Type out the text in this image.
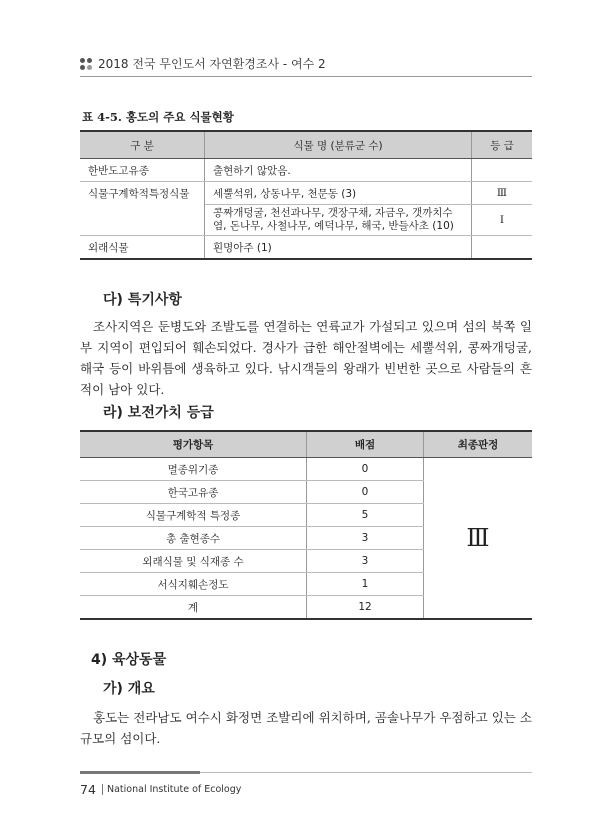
2018 전국 무인도서 자연환경조사 - 여수 2
표 4-5. 홍도의 주요 식물현황
구 분	식물 명 (분류군 수)	등 급
한반도고유종	출현하기 않았음.	
식물구계학적특정식물	세뿔석위, 상동나무, 천문동 (3)	Ⅲ
	콩짜개덩굴, 천선과나무, 갯장구채, 자금우, 갯까치수염, 돈나무, 사철나무, 예덕나무, 해국, 반들사초 (10)	Ⅰ
외래식물	흰명아주 (1)	
다) 특기사항
조사지역은 둔병도와 조발도를 연결하는 연륙교가 가설되고 있으며 섬의 북쪽 일부 지역이 편입되어 훼손되었다. 경사가 급한 해안절벽에는 세뿔석위, 콩짜개덩굴, 해국 등이 바위틈에 생육하고 있다. 낚시객들의 왕래가 빈번한 곳으로 사람들의 흔적이 남아 있다.
라) 보전가치 등급
평가항목	배점	최종판정
멸종위기종	0	Ⅲ
한국고유종	0	
식물구계학적 특정종	5	
총 출현종수	3	
외래식물 및 식재종 수	3	
서식지훼손정도	1	
계	12	
4) 육상동물
가) 개요
홍도는 전라남도 여수시 화정면 조발리에 위치하며, 곰솔나무가 우점하고 있는 소규모의 섬이다.
74 National Institute of Ecology
